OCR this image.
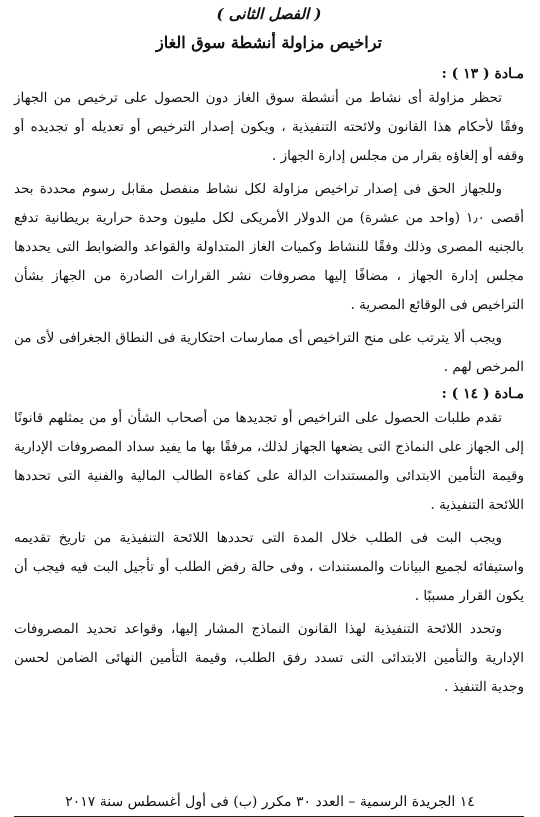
( الفصل الثانى )
تراخيص مزاولة أنشطة سوق الغاز
مـادة ( ١٣ ) :

تحظر مزاولة أى نشاط من أنشطة سوق الغاز دون الحصول على ترخيص من الجهاز وفقًا لأحكام هذا القانون ولائحته التنفيذية ، ويكون إصدار الترخيص أو تعديله أو تجديده أو وقفه أو إلغاؤه بقرار من مجلس إدارة الجهاز .

وللجهاز الحق فى إصدار تراخيص مزاولة لكل نشاط منفصل مقابل رسوم محددة بحد أقصى ١٫٠ (واحد من عشرة) من الدولار الأمريكى لكل مليون وحدة حرارية بريطانية تدفع بالجنيه المصرى وذلك وفقًا للنشاط وكميات الغاز المتداولة والقواعد والضوابط التى يحددها مجلس إدارة الجهاز ، مضافًا إليها مصروفات نشر القرارات الصادرة من الجهاز بشأن التراخيص فى الوقائع المصرية .

ويجب ألا يترتب على منح التراخيص أى ممارسات احتكارية فى النطاق الجغرافى لأى من المرخص لهم .

مـادة ( ١٤ ) :

تقدم طلبات الحصول على التراخيص أو تجديدها من أصحاب الشأن أو من يمثلهم قانونًا إلى الجهاز على النماذج التى يضعها الجهاز لذلك، مرفقًا بها ما يفيد سداد المصروفات الإدارية وقيمة التأمين الابتدائى والمستندات الدالة على كفاءة الطالب المالية والفنية التى تحددها اللائحة التنفيذية .

ويجب البت فى الطلب خلال المدة التى تحددها اللائحة التنفيذية من تاريخ تقديمه واستيفائه لجميع البيانات والمستندات ، وفى حالة رفض الطلب أو تأجيل البت فيه فيجب أن يكون القرار مسببًا .

وتحدد اللائحة التنفيذية لهذا القانون النماذج المشار إليها، وقواعد تحديد المصروفات الإدارية والتأمين الابتدائى التى تسدد رفق الطلب، وقيمة التأمين النهائى الضامن لحسن وجدية التنفيذ .

١٤ الجريدة الرسمية – العدد ٣٠ مكرر (ب) فى أول أغسطس سنة ٢٠١٧
